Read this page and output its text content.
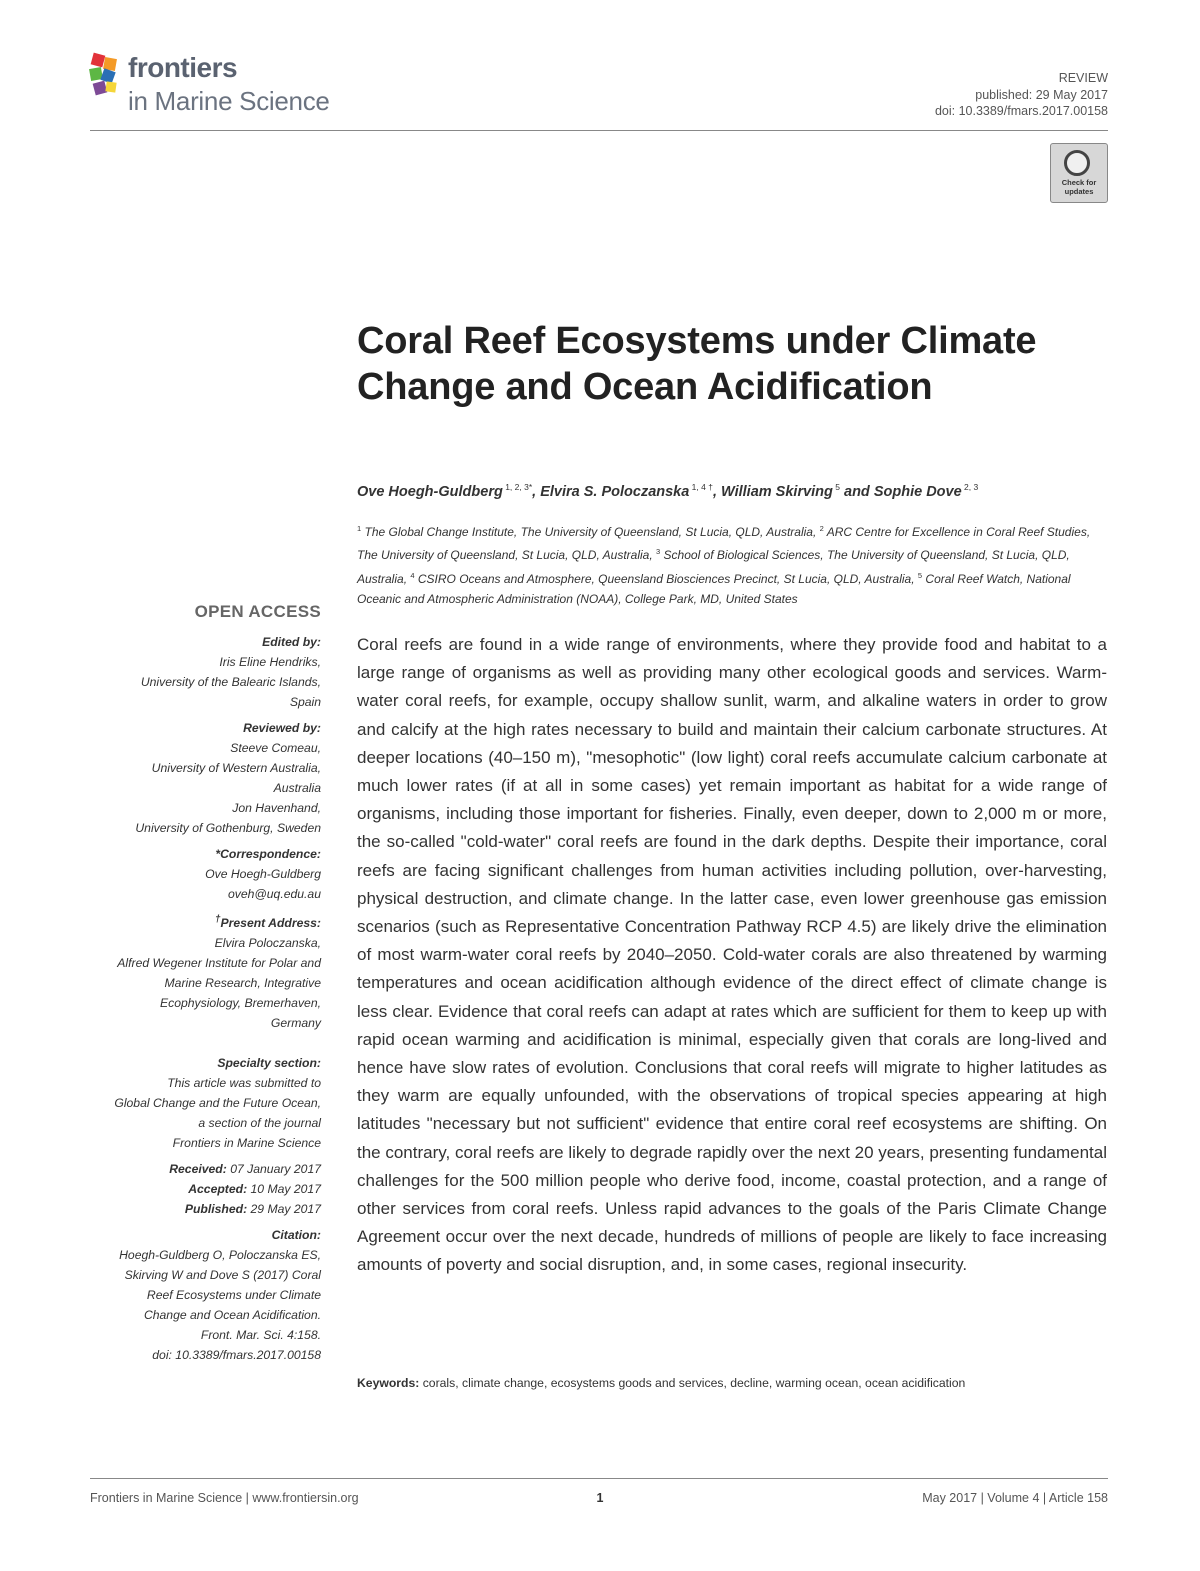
frontiers
in Marine Science
REVIEW
published: 29 May 2017
doi: 10.3389/fmars.2017.00158
Check for updates
Coral Reef Ecosystems under Climate Change and Ocean Acidification
Ove Hoegh-Guldberg $^{1, 2, 3*}$, Elvira S. Poloczanska $^{1, 4 \dagger}$, William Skirving $^5$ and Sophie Dove $^{2, 3}$
$^1$ The Global Change Institute, The University of Queensland, St Lucia, QLD, Australia, $^2$ ARC Centre for Excellence in Coral Reef Studies, The University of Queensland, St Lucia, QLD, Australia, $^3$ School of Biological Sciences, The University of Queensland, St Lucia, QLD, Australia, $^4$ CSIRO Oceans and Atmosphere, Queensland Biosciences Precinct, St Lucia, QLD, Australia, $^5$ Coral Reef Watch, National Oceanic and Atmospheric Administration (NOAA), College Park, MD, United States
OPEN ACCESS
Edited by:
Iris Eline Hendriks,
University of the Balearic Islands,
Spain
Reviewed by:
Steeve Comeau,
University of Western Australia,
Australia
Jon Havenhand,
University of Gothenburg, Sweden
*Correspondence:
Ove Hoegh-Guldberg
oveh@uq.edu.au
†Present Address:
Elvira Poloczanska,
Alfred Wegener Institute for Polar and
Marine Research, Integrative
Ecophysiology, Bremerhaven,
Germany
Specialty section:
This article was submitted to
Global Change and the Future Ocean,
a section of the journal
Frontiers in Marine Science
Received: 07 January 2017
Accepted: 10 May 2017
Published: 29 May 2017
Citation:
Hoegh-Guldberg O, Poloczanska ES,
Skirving W and Dove S (2017) Coral
Reef Ecosystems under Climate
Change and Ocean Acidification.
Front. Mar. Sci. 4:158.
doi: 10.3389/fmars.2017.00158

Coral reefs are found in a wide range of environments, where they provide food and habitat to a large range of organisms as well as providing many other ecological goods and services. Warm-water coral reefs, for example, occupy shallow sunlit, warm, and alkaline waters in order to grow and calcify at the high rates necessary to build and maintain their calcium carbonate structures. At deeper locations (40–150 m), "mesophotic" (low light) coral reefs accumulate calcium carbonate at much lower rates (if at all in some cases) yet remain important as habitat for a wide range of organisms, including those important for fisheries. Finally, even deeper, down to 2,000 m or more, the so-called "cold-water" coral reefs are found in the dark depths. Despite their importance, coral reefs are facing significant challenges from human activities including pollution, over-harvesting, physical destruction, and climate change. In the latter case, even lower greenhouse gas emission scenarios (such as Representative Concentration Pathway RCP 4.5) are likely drive the elimination of most warm-water coral reefs by 2040–2050. Cold-water corals are also threatened by warming temperatures and ocean acidification although evidence of the direct effect of climate change is less clear. Evidence that coral reefs can adapt at rates which are sufficient for them to keep up with rapid ocean warming and acidification is minimal, especially given that corals are long-lived and hence have slow rates of evolution. Conclusions that coral reefs will migrate to higher latitudes as they warm are equally unfounded, with the observations of tropical species appearing at high latitudes "necessary but not sufficient" evidence that entire coral reef ecosystems are shifting. On the contrary, coral reefs are likely to degrade rapidly over the next 20 years, presenting fundamental challenges for the 500 million people who derive food, income, coastal protection, and a range of other services from coral reefs. Unless rapid advances to the goals of the Paris Climate Change Agreement occur over the next decade, hundreds of millions of people are likely to face increasing amounts of poverty and social disruption, and, in some cases, regional insecurity.

Keywords: corals, climate change, ecosystems goods and services, decline, warming ocean, ocean acidification
Frontiers in Marine Science | www.frontiersin.org	1	May 2017 | Volume 4 | Article 158
